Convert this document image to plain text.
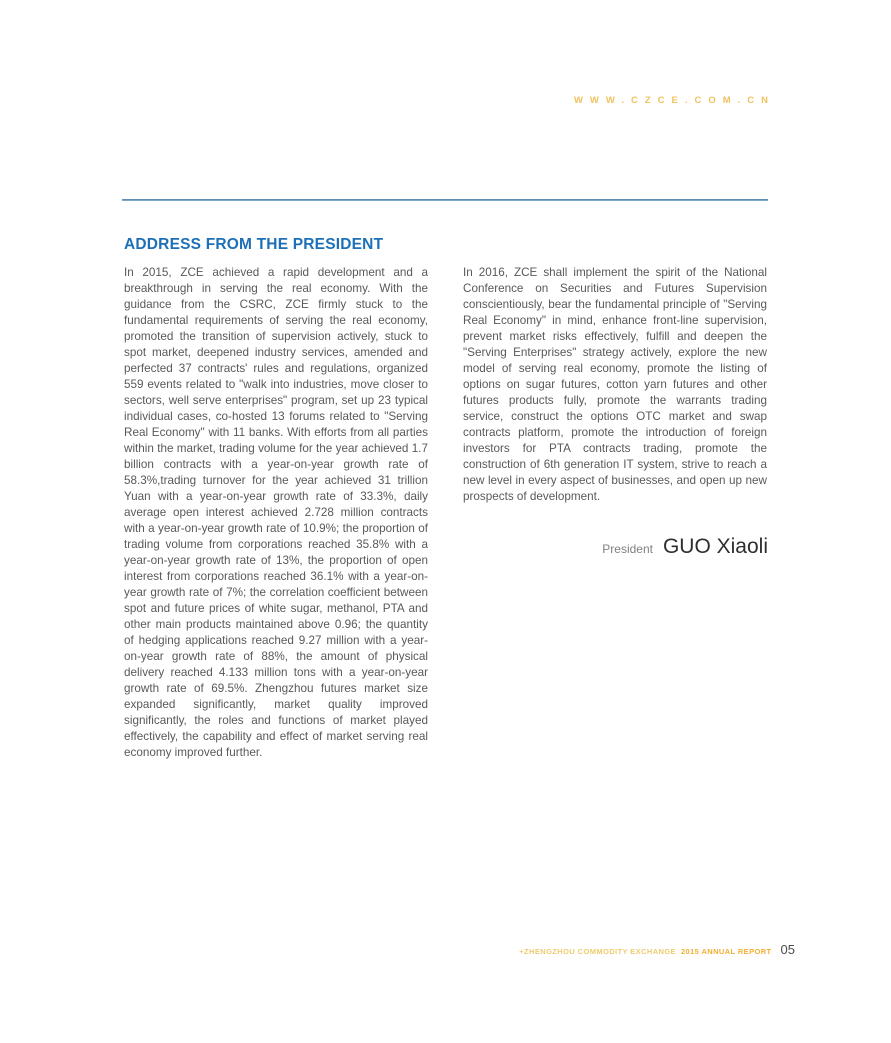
WWW.CZCE.COM.CN
ADDRESS FROM THE PRESIDENT

In 2015, ZCE achieved a rapid development and a breakthrough in serving the real economy. With the guidance from the CSRC, ZCE firmly stuck to the fundamental requirements of serving the real economy, promoted the transition of supervision actively, stuck to spot market, deepened industry services, amended and perfected 37 contracts' rules and regulations, organized 559 events related to "walk into industries, move closer to sectors, well serve enterprises" program, set up 23 typical individual cases, co-hosted 13 forums related to "Serving Real Economy" with 11 banks. With efforts from all parties within the market, trading volume for the year achieved 1.7 billion contracts with a year-on-year growth rate of 58.3%,trading turnover for the year achieved 31 trillion Yuan with a year-on-year growth rate of 33.3%, daily average open interest achieved 2.728 million contracts with a year-on-year growth rate of 10.9%; the proportion of trading volume from corporations reached 35.8% with a year-on-year growth rate of 13%, the proportion of open interest from corporations reached 36.1% with a year-on-year growth rate of 7%; the correlation coefficient between spot and future prices of white sugar, methanol, PTA and other main products maintained above 0.96; the quantity of hedging applications reached 9.27 million with a year-on-year growth rate of 88%, the amount of physical delivery reached 4.133 million tons with a year-on-year growth rate of 69.5%. Zhengzhou futures market size expanded significantly, market quality improved significantly, the roles and functions of market played effectively, the capability and effect of market serving real economy improved further.

In 2016, ZCE shall implement the spirit of the National Conference on Securities and Futures Supervision conscientiously, bear the fundamental principle of "Serving Real Economy" in mind, enhance front-line supervision, prevent market risks effectively, fulfill and deepen the "Serving Enterprises" strategy actively, explore the new model of serving real economy, promote the listing of options on sugar futures, cotton yarn futures and other futures products fully, promote the warrants trading service, construct the options OTC market and swap contracts platform, promote the introduction of foreign investors for PTA contracts trading, promote the construction of 6th generation IT system, strive to reach a new level in every aspect of businesses, and open up new prospects of development.

President GUO Xiaoli
+ZHENGZHOU COMMODITY EXCHANGE 2015 ANNUAL REPORT 05
